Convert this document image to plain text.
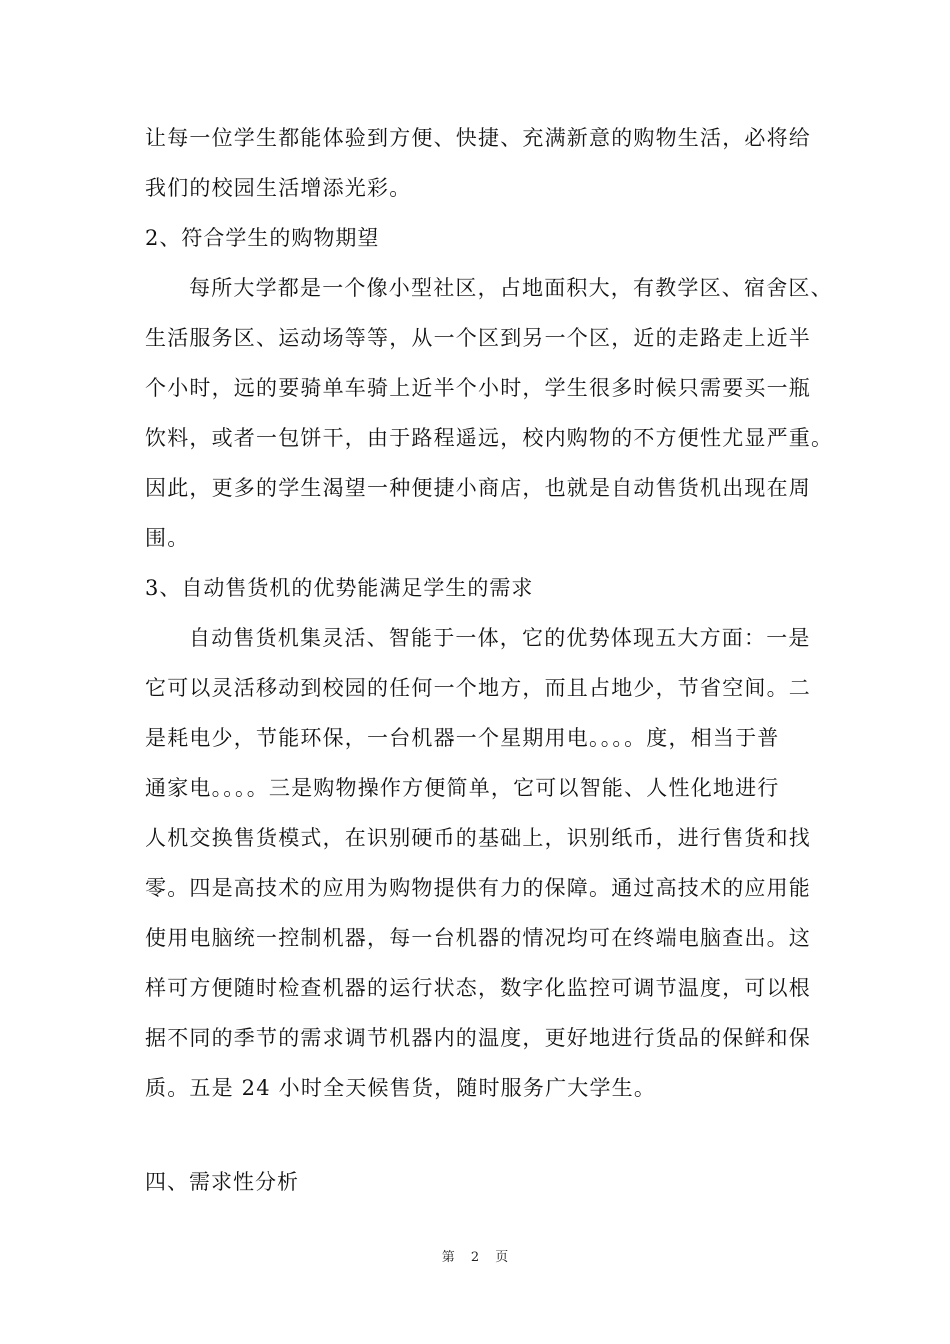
让每一位学生都能体验到方便、快捷、充满新意的购物生活，必将给
我们的校园生活增添光彩。
2、符合学生的购物期望
每所大学都是一个像小型社区，占地面积大，有教学区、宿舍区、
生活服务区、运动场等等，从一个区到另一个区，近的走路走上近半
个小时，远的要骑单车骑上近半个小时，学生很多时候只需要买一瓶
饮料，或者一包饼干，由于路程遥远，校内购物的不方便性尤显严重。
因此，更多的学生渴望一种便捷小商店，也就是自动售货机出现在周
围。
3、自动售货机的优势能满足学生的需求
自动售货机集灵活、智能于一体，它的优势体现五大方面：一是
它可以灵活移动到校园的任何一个地方，而且占地少，节省空间。二
是耗电少，节能环保，一台机器一个星期用电。。。。度，相当于普
通家电。。。。三是购物操作方便简单，它可以智能、人性化地进行
人机交换售货模式，在识别硬币的基础上，识别纸币，进行售货和找
零。四是高技术的应用为购物提供有力的保障。通过高技术的应用能
使用电脑统一控制机器，每一台机器的情况均可在终端电脑查出。这
样可方便随时检查机器的运行状态，数字化监控可调节温度，可以根
据不同的季节的需求调节机器内的温度，更好地进行货品的保鲜和保
质。五是 24 小时全天候售货，随时服务广大学生。
四、需求性分析
第 2 页
